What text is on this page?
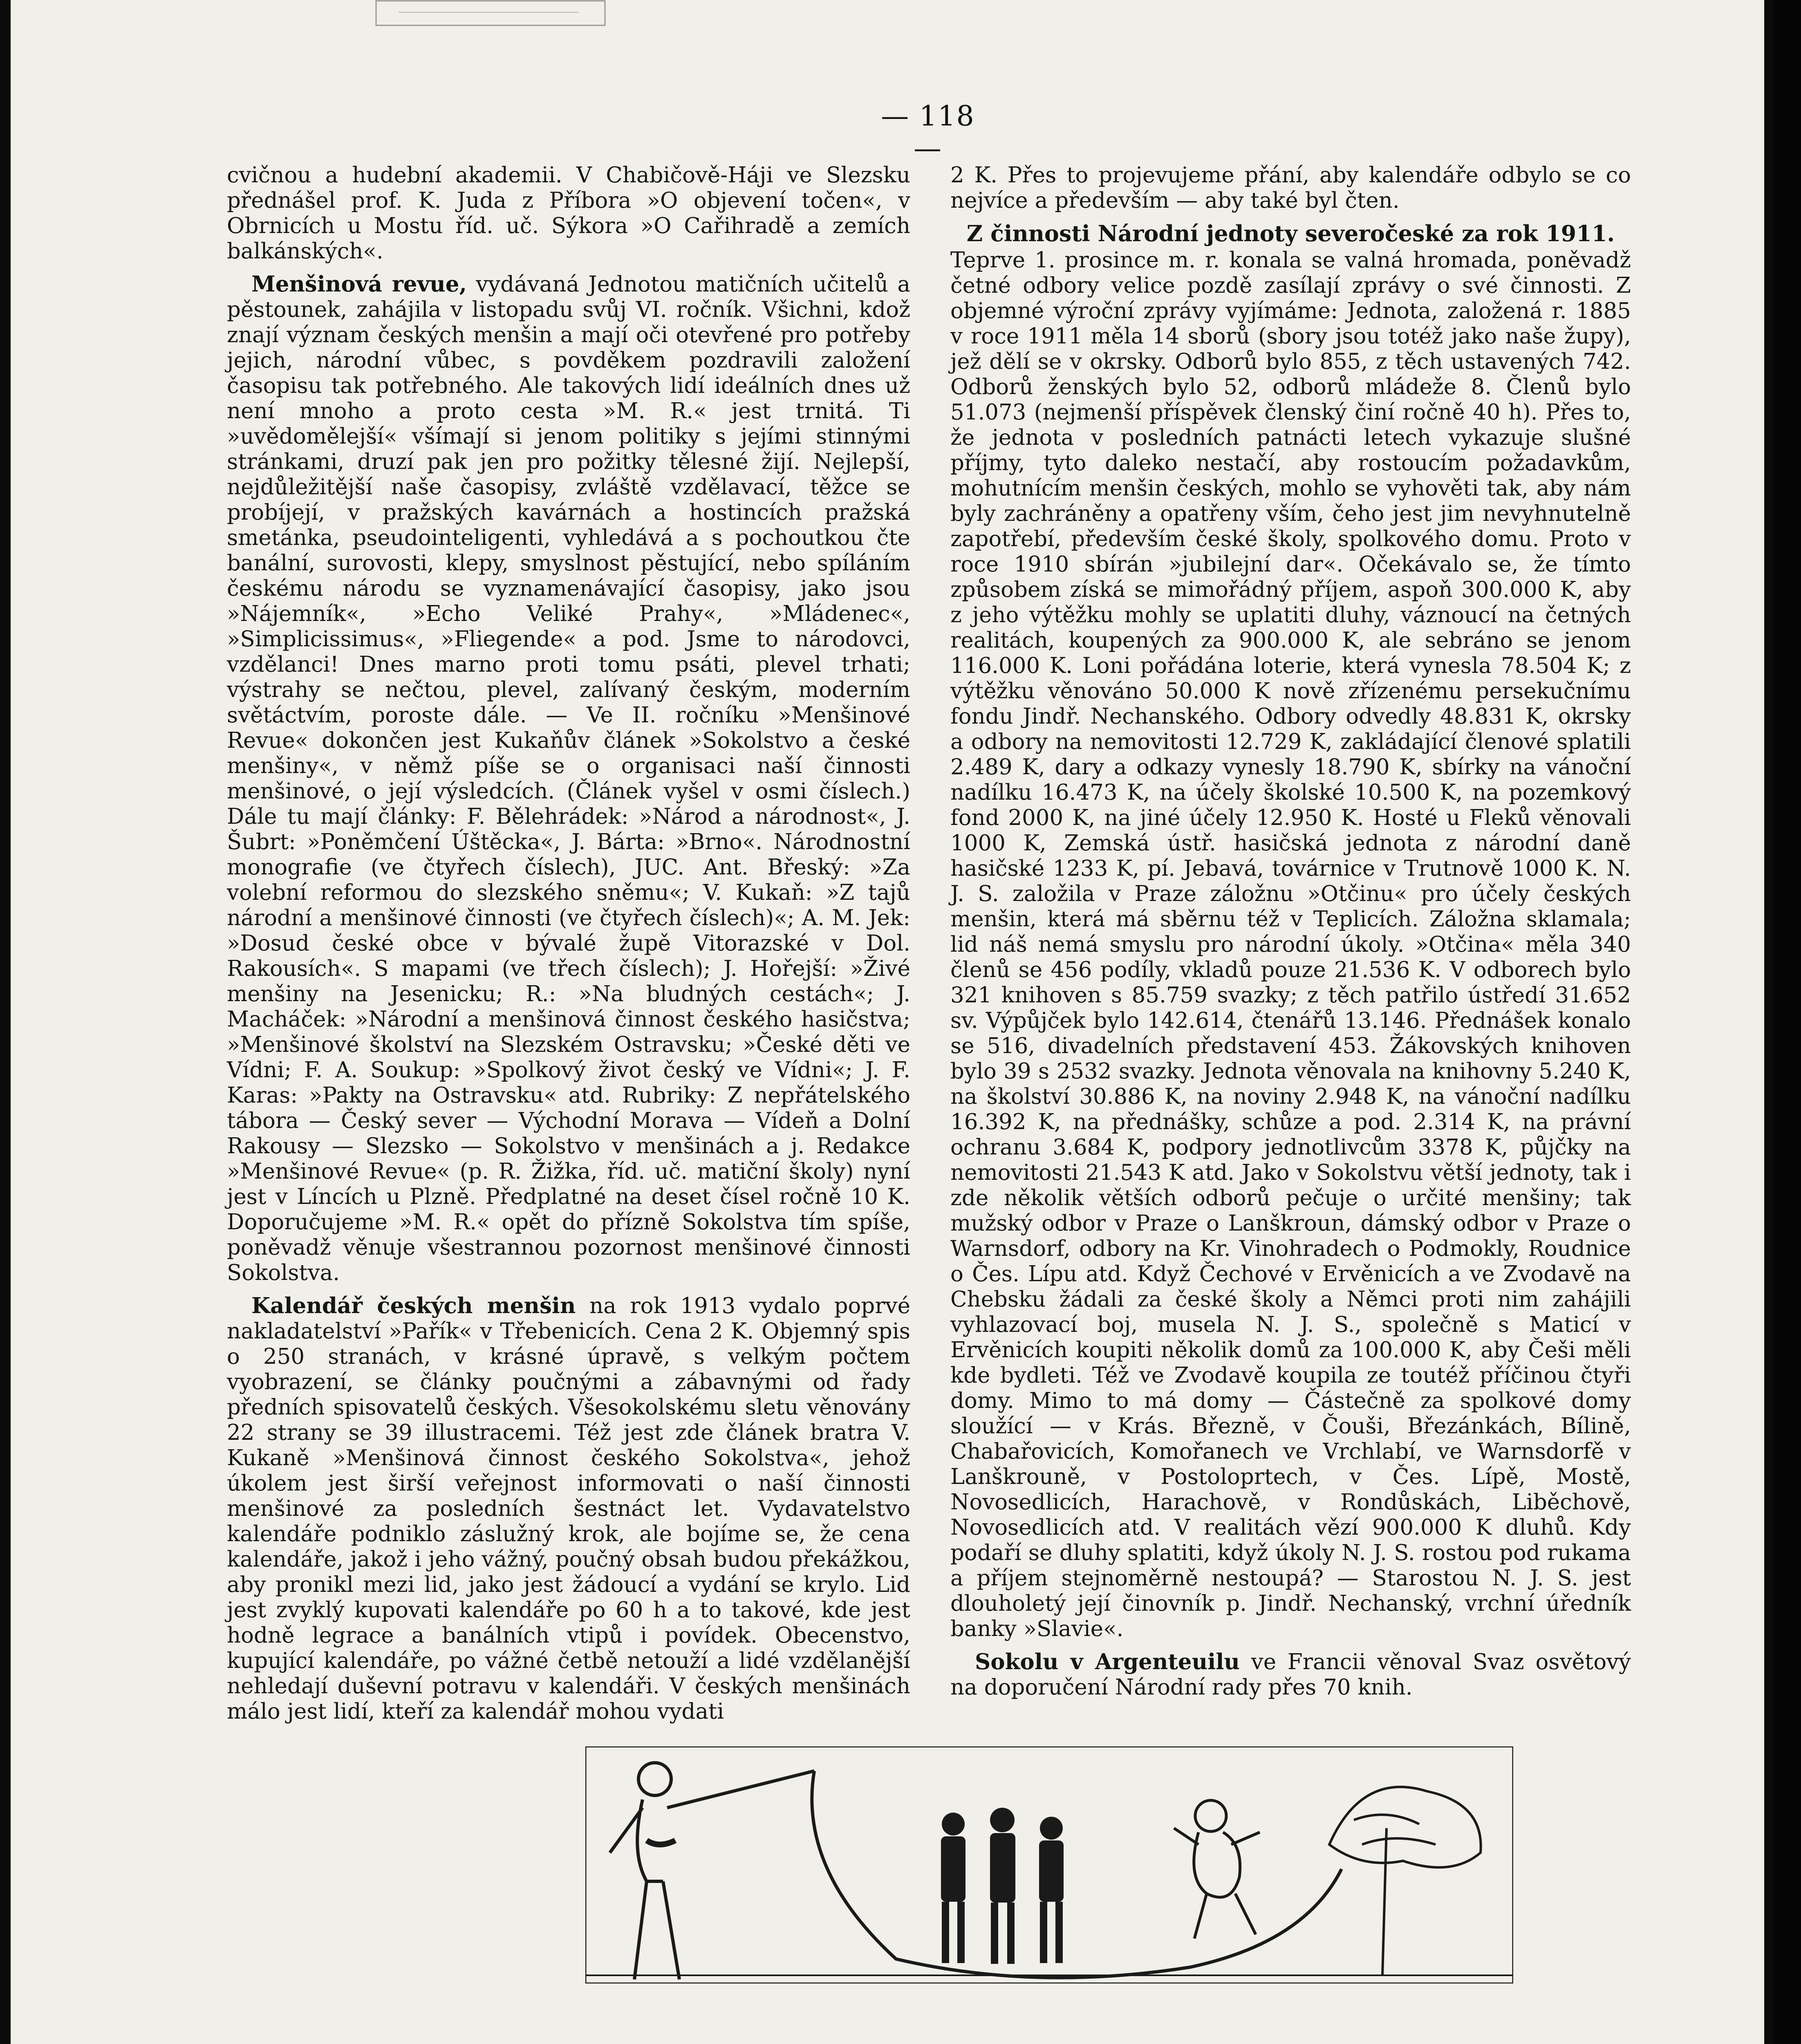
— 118 —

cvičnou a hudební akademii. V Chabičově-Háji ve Slezsku přednášel prof. K. Juda z Příbora »O objevení točen«, v Obrnicích u Mostu říd. uč. Sýkora »O Cařihradě a zemích balkánských«.

Menšinová revue, vydávaná Jednotou matičních učitelů a pěstounek, zahájila v listopadu svůj VI. ročník. Všichni, kdož znají význam českých menšin a mají oči otevřené pro potřeby jejich, národní vůbec, s povděkem pozdravili založení časopisu tak potřebného. Ale takových lidí ideálních dnes už není mnoho a proto cesta »M. R.« jest trnitá. Ti »uvědomělejší« všímají si jenom politiky s jejími stinnými stránkami, druzí pak jen pro požitky tělesné žijí. Nejlepší, nejdůležitější naše časopisy, zvláště vzdělavací, těžce se probíjejí, v pražských kavárnách a hostincích pražská smetánka, pseudointeligenti, vyhledává a s pochoutkou čte banální, surovosti, klepy, smyslnost pěstující, nebo spíláním českému národu se vyznamenávající časopisy, jako jsou »Nájemník«, »Echo Veliké Prahy«, »Mládenec«, »Simplicissimus«, »Fliegende« a pod. Jsme to národovci, vzdělanci! Dnes marno proti tomu psáti, plevel trhati; výstrahy se nečtou, plevel, zalívaný českým, moderním světáctvím, poroste dále. — Ve II. ročníku »Menšinové Revue« dokončen jest Kukaňův článek »Sokolstvo a české menšiny«, v němž píše se o organisaci naší činnosti menšinové, o její výsledcích. (Článek vyšel v osmi číslech.) Dále tu mají články: F. Bělehrádek: »Národ a národnost«, J. Šubrt: »Poněmčení Úštěcka«, J. Bárta: »Brno«. Národnostní monografie (ve čtyřech číslech), JUC. Ant. Břeský: »Za volební reformou do slezského sněmu«; V. Kukaň: »Z tajů národní a menšinové činnosti (ve čtyřech číslech)«; A. M. Jek: »Dosud české obce v bývalé župě Vitorazské v Dol. Rakousích«. S mapami (ve třech číslech); J. Hořejší: »Živé menšiny na Jesenicku; R.: »Na bludných cestách«; J. Macháček: »Národní a menšinová činnost českého hasičstva; »Menšinové školství na Slezském Ostravsku; »České děti ve Vídni; F. A. Soukup: »Spolkový život český ve Vídni«; J. F. Karas: »Pakty na Ostravsku« atd. Rubriky: Z nepřátelského tábora — Český sever — Východní Morava — Vídeň a Dolní Rakousy — Slezsko — Sokolstvo v menšinách a j. Redakce »Menšinové Revue« (p. R. Žižka, říd. uč. matiční školy) nyní jest v Líncích u Plzně. Předplatné na deset čísel ročně 10 K. Doporučujeme »M. R.« opět do přízně Sokolstva tím spíše, poněvadž věnuje všestrannou pozornost menšinové činnosti Sokolstva.

Kalendář českých menšin na rok 1913 vydalo poprvé nakladatelství »Pařík« v Třebenicích. Cena 2 K. Objemný spis o 250 stranách, v krásné úpravě, s velkým počtem vyobrazení, se články poučnými a zábavnými od řady předních spisovatelů českých. Všesokolskému sletu věnovány 22 strany se 39 illustracemi. Též jest zde článek bratra V. Kukaně »Menšinová činnost českého Sokolstva«, jehož úkolem jest širší veřejnost informovati o naší činnosti menšinové za posledních šestnáct let. Vydavatelstvo kalendáře podniklo záslužný krok, ale bojíme se, že cena kalendáře, jakož i jeho vážný, poučný obsah budou překážkou, aby pronikl mezi lid, jako jest žádoucí a vydání se krylo. Lid jest zvyklý kupovati kalendáře po 60 h a to takové, kde jest hodně legrace a banálních vtipů i povídek. Obecenstvo, kupující kalendáře, po vážné četbě netouží a lidé vzdělanější nehledají duševní potravu v kalendáři. V českých menšinách málo jest lidí, kteří za kalendář mohou vydati

2 K. Přes to projevujeme přání, aby kalendáře odbylo se co nejvíce a především — aby také byl čten.

Z činnosti Národní jednoty severočeské za rok 1911.

Teprve 1. prosince m. r. konala se valná hromada, poněvadž četné odbory velice pozdě zasílají zprávy o své činnosti. Z objemné výroční zprávy vyjímáme: Jednota, založená r. 1885 v roce 1911 měla 14 sborů (sbory jsou totéž jako naše župy), jež dělí se v okrsky. Odborů bylo 855, z těch ustavených 742. Odborů ženských bylo 52, odborů mládeže 8. Členů bylo 51.073 (nejmenší příspěvek členský činí ročně 40 h). Přes to, že jednota v posledních patnácti letech vykazuje slušné příjmy, tyto daleko nestačí, aby rostoucím požadavkům, mohutnícím menšin českých, mohlo se vyhověti tak, aby nám byly zachráněny a opatřeny vším, čeho jest jim nevyhnutelně zapotřebí, především české školy, spolkového domu. Proto v roce 1910 sbírán »jubilejní dar«. Očekávalo se, že tímto způsobem získá se mimořádný příjem, aspoň 300.000 K, aby z jeho výtěžku mohly se uplatiti dluhy, váznoucí na četných realitách, koupených za 900.000 K, ale sebráno se jenom 116.000 K. Loni pořádána loterie, která vynesla 78.504 K; z výtěžku věnováno 50.000 K nově zřízenému persekučnímu fondu Jindř. Nechanského. Odbory odvedly 48.831 K, okrsky a odbory na nemovitosti 12.729 K, zakládající členové splatili 2.489 K, dary a odkazy vynesly 18.790 K, sbírky na vánoční nadílku 16.473 K, na účely školské 10.500 K, na pozemkový fond 2000 K, na jiné účely 12.950 K. Hosté u Fleků věnovali 1000 K, Zemská ústř. hasičská jednota z národní daně hasičské 1233 K, pí. Jebavá, továrnice v Trutnově 1000 K. N. J. S. založila v Praze záložnu »Otčinu« pro účely českých menšin, která má sběrnu též v Teplicích. Záložna sklamala; lid náš nemá smyslu pro národní úkoly. »Otčina« měla 340 členů se 456 podíly, vkladů pouze 21.536 K. V odborech bylo 321 knihoven s 85.759 svazky; z těch patřilo ústředí 31.652 sv. Výpůjček bylo 142.614, čtenářů 13.146. Přednášek konalo se 516, divadelních představení 453. Žákovských knihoven bylo 39 s 2532 svazky. Jednota věnovala na knihovny 5.240 K, na školství 30.886 K, na noviny 2.948 K, na vánoční nadílku 16.392 K, na přednášky, schůze a pod. 2.314 K, na právní ochranu 3.684 K, podpory jednotlivcům 3378 K, půjčky na nemovitosti 21.543 K atd. Jako v Sokolstvu větší jednoty, tak i zde několik větších odborů pečuje o určité menšiny; tak mužský odbor v Praze o Lanškroun, dámský odbor v Praze o Warnsdorf, odbory na Kr. Vinohradech o Podmokly, Roudnice o Čes. Lípu atd. Když Čechové v Ervěnicích a ve Zvodavě na Chebsku žádali za české školy a Němci proti nim zahájili vyhlazovací boj, musela N. J. S., společně s Maticí v Ervěnicích koupiti několik domů za 100.000 K, aby Češi měli kde bydleti. Též ve Zvodavě koupila ze toutéž příčinou čtyři domy. Mimo to má domy — Částečně za spolkové domy sloužící — v Krás. Březně, v Čouši, Březánkách, Bílině, Chabařovicích, Komořanech ve Vrchlabí, ve Warnsdorfě v Lanškrouně, v Postoloprtech, v Čes. Lípě, Mostě, Novosedlicích, Harachově, v Rondůskách, Liběchově, Novosedlicích atd. V realitách vězí 900.000 K dluhů. Kdy podaří se dluhy splatiti, když úkoly N. J. S. rostou pod rukama a příjem stejnoměrně nestoupá? — Starostou N. J. S. jest dlouholetý její činovník p. Jindř. Nechanský, vrchní úředník banky »Slavie«.

Sokolu v Argenteuilu ve Francii věnoval Svaz osvětový na doporučení Národní rady přes 70 knih.
